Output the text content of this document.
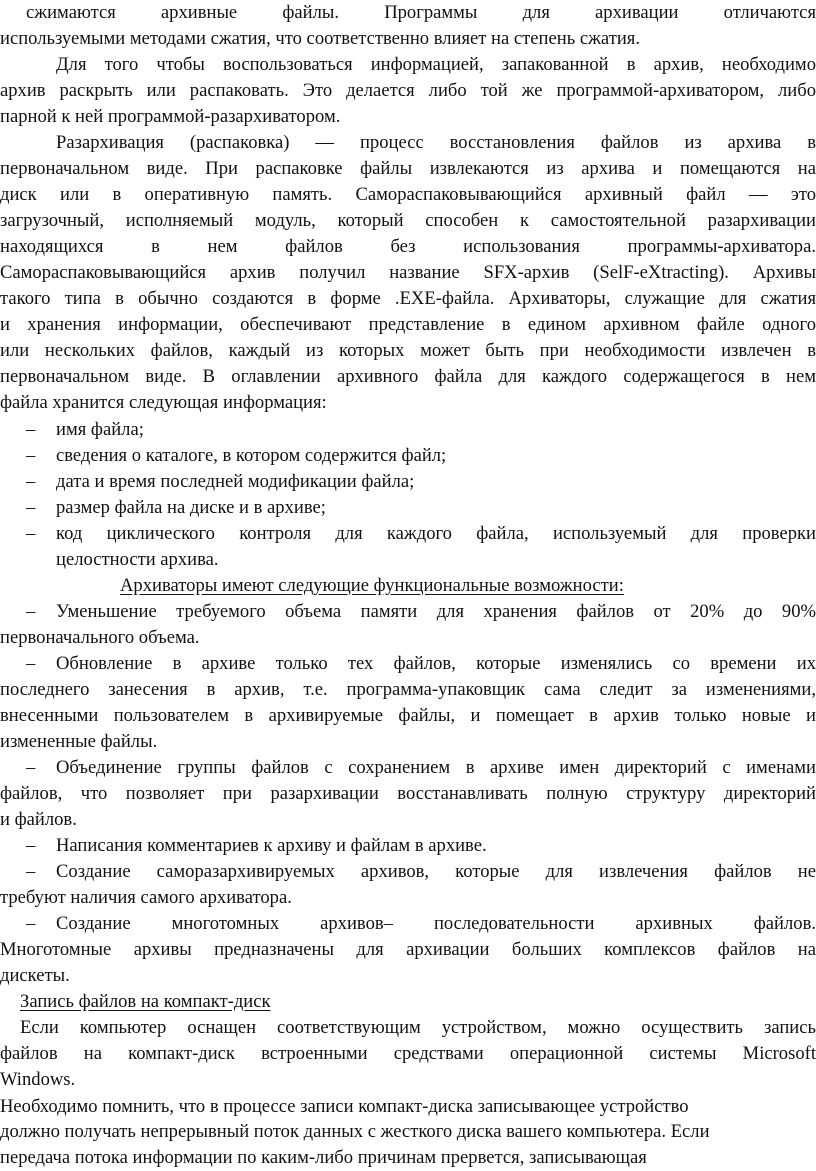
сжимаются архивные файлы. Программы для архивации отличаются
используемыми методами сжатия, что соответственно влияет на степень сжатия.
Для того чтобы воспользоваться информацией, запакованной в архив, необходимо
архив раскрыть или распаковать. Это делается либо той же программой-архиватором, либо
парной к ней программой-разархиватором.
Разархивация (распаковка) — процесс восстановления файлов из архива в
первоначальном виде. При распаковке файлы извлекаются из архива и помещаются на
диск или в оперативную память. Самораспаковывающийся архивный файл — это
загрузочный, исполняемый модуль, который способен к самостоятельной разархивации
находящихся в нем файлов без использования программы-архиватора.
Самораспаковывающийся архив получил название SFX-архив (SelF-eXtracting). Архивы
такого типа в обычно создаются в форме .EXE-файла. Архиваторы, служащие для сжатия
и хранения информации, обеспечивают представление в едином архивном файле одного
или нескольких файлов, каждый из которых может быть при необходимости извлечен в
первоначальном виде. В оглавлении архивного файла для каждого содержащегося в нем
файла хранится следующая информация:
– имя файла;
– сведения о каталоге, в котором содержится файл;
– дата и время последней модификации файла;
– размер файла на диске и в архиве;
– код циклического контроля для каждого файла, используемый для проверки
целостности архива.
Архиваторы имеют следующие функциональные возможности:
– Уменьшение требуемого объема памяти для хранения файлов от 20% до 90%
первоначального объема.
– Обновление в архиве только тех файлов, которые изменялись со времени их
последнего занесения в архив, т.е. программа-упаковщик сама следит за изменениями,
внесенными пользователем в архивируемые файлы, и помещает в архив только новые и
измененные файлы.
– Объединение группы файлов с сохранением в архиве имен директорий с именами
файлов, что позволяет при разархивации восстанавливать полную структуру директорий
и файлов.
– Написания комментариев к архиву и файлам в архиве.
– Создание саморазархивируемых архивов, которые для извлечения файлов не
требуют наличия самого архиватора.
– Создание многотомных архивов– последовательности архивных файлов.
Многотомные архивы предназначены для архивации больших комплексов файлов на
дискеты.
Запись файлов на компакт-диск
Если компьютер оснащен соответствующим устройством, можно осуществить запись
файлов на компакт-диск встроенными средствами операционной системы Microsoft
Windows.
Необходимо помнить, что в процессе записи компакт-диска записывающее устройство
должно получать непрерывный поток данных с жесткого диска вашего компьютера. Если
передача потока информации по каким-либо причинам прервется, записывающая
